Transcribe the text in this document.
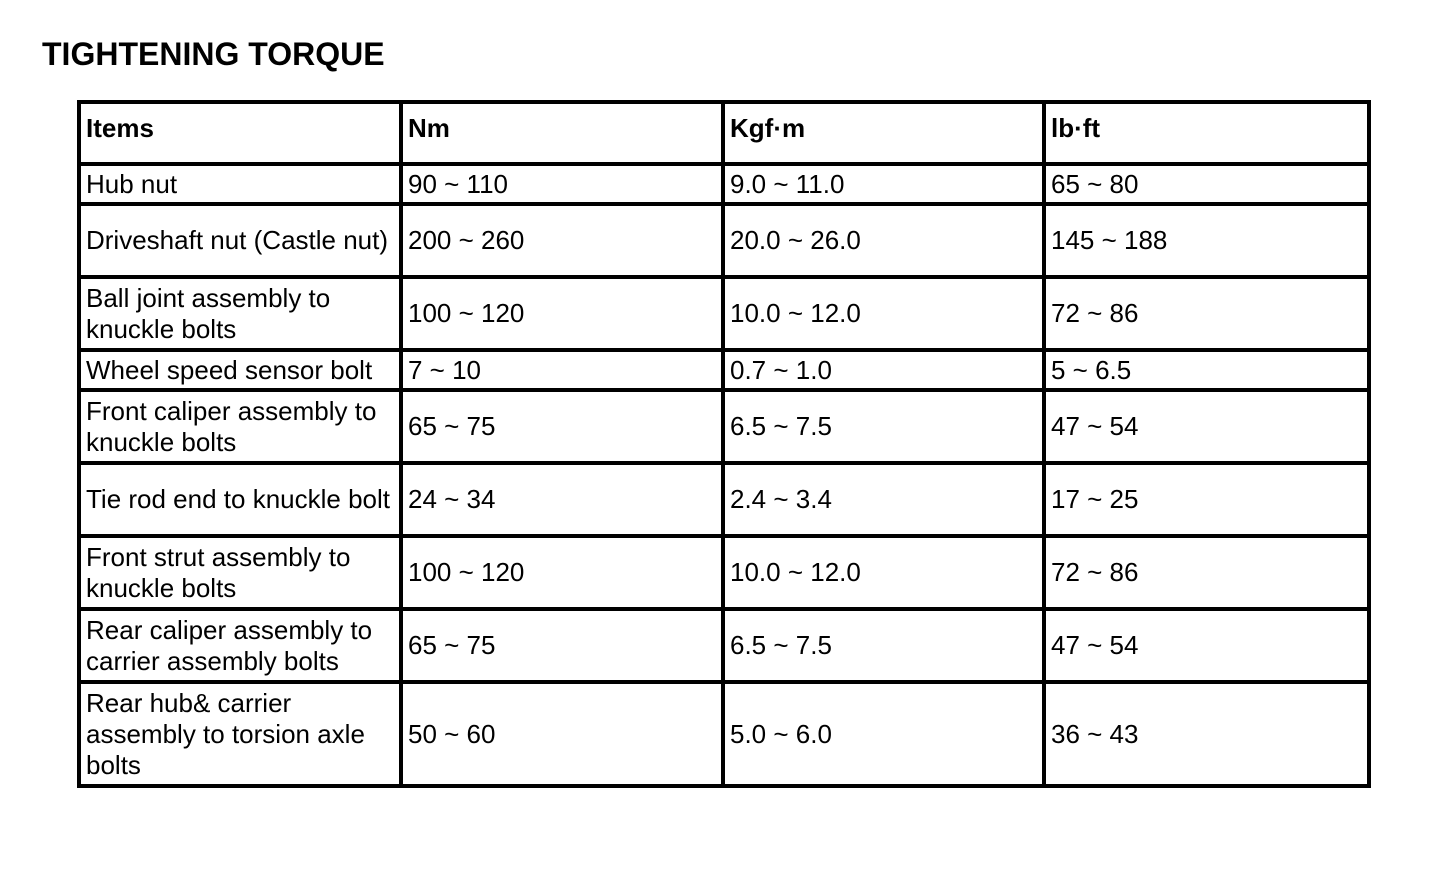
TIGHTENING TORQUE
Items	Nm	Kgf·m	lb·ft
Hub nut	90 ~ 110	9.0 ~ 11.0	65 ~ 80
Driveshaft nut (Castle nut)	200 ~ 260	20.0 ~ 26.0	145 ~ 188
Ball joint assembly to knuckle bolts	100 ~ 120	10.0 ~ 12.0	72 ~ 86
Wheel speed sensor bolt	7 ~ 10	0.7 ~ 1.0	5 ~ 6.5
Front caliper assembly to knuckle bolts	65 ~ 75	6.5 ~ 7.5	47 ~ 54
Tie rod end to knuckle bolt	24 ~ 34	2.4 ~ 3.4	17 ~ 25
Front strut assembly to knuckle bolts	100 ~ 120	10.0 ~ 12.0	72 ~ 86
Rear caliper assembly to carrier assembly bolts	65 ~ 75	6.5 ~ 7.5	47 ~ 54
Rear hub& carrier assembly to torsion axle bolts	50 ~ 60	5.0 ~ 6.0	36 ~ 43
